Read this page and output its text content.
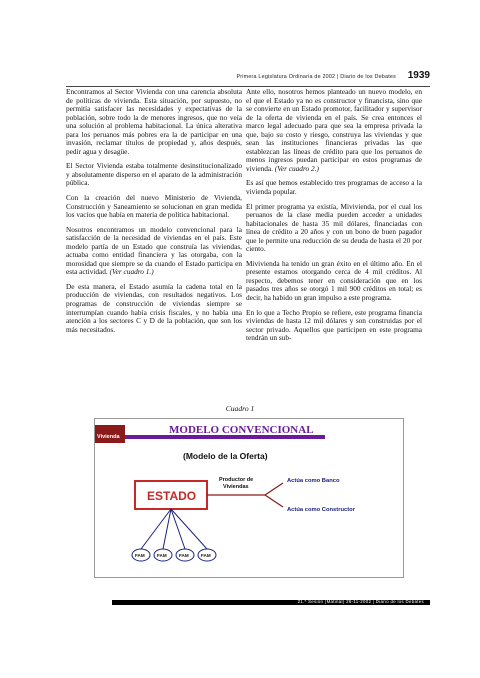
Primera Legislatura Ordinaria de 2002 | Diario de los Debates 1939

Encontramos al Sector Vivienda con una carencia absoluta de políticas de vivienda. Esta situación, por supuesto, no permitía satisfacer las necesidades y expectativas de la población, sobre todo la de menores ingresos, que no veía una solución al problema habitacional. La única alterativa para los peruanos más pobres era la de participar en una invasión, reclamar títulos de propiedad y, años después, pedir agua y desagüe.

El Sector Vivienda estaba totalmente desinstitucionalizado y absolutamente disperso en el aparato de la administración pública.

Con la creación del nuevo Ministerio de Vivienda, Construcción y Saneamiento se solucionan en gran medida los vacíos que había en materia de política habitacional.

Nosotros encontramos un modelo convencional para la satisfacción de la necesidad de viviendas en el país. Este modelo partía de un Estado que construía las viviendas, actuaba como entidad financiera y las otorgaba, con la morosidad que siempre se da cuando el Estado participa en esta actividad. (Ver cuadro 1.)

De esta manera, el Estado asumía la cadena total en la producción de viviendas, con resultados negativos. Los programas de construcción de viviendas siempre se interrumpían cuando había crisis fiscales, y no había una atención a los sectores C y D de la población, que son los más necesitados.

Ante ello, nosotros hemos planteado un nuevo modelo, en el que el Estado ya no es constructor y financista, sino que se convierte en un Estado promotor, facilitador y supervisor de la oferta de vivienda en el país. Se crea entonces el marco legal adecuado para que sea la empresa privada la que, bajo su costo y riesgo, construya las viviendas y que sean las instituciones financieras privadas las que establezcan las líneas de crédito para que los peruanos de menos ingresos puedan participar en estos programas de vivienda. (Ver cuadro 2.)

Es así que hemos establecido tres programas de acceso a la vivienda popular.

El primer programa ya existía, Mivivienda, por el cual los peruanos de la clase media pueden acceder a unidades habitacionales de hasta 35 mil dólares, financiadas con línea de crédito a 20 años y con un bono de buen pagador que le permite una reducción de su deuda de hasta el 20 por ciento.

Mivivienda ha tenido un gran éxito en el último año. En el presente estamos otorgando cerca de 4 mil créditos. Al respecto, debemos tener en consideración que en los pasados tres años se otorgó 1 mil 900 créditos en total; es decir, ha habido un gran impulso a este programa.

En lo que a Techo Propio se refiere, este programa financia viviendas de hasta 12 mil dólares y son construidas por el sector privado. Aquellos que participen en este programa tendrán un sub-

Cuadro 1
Vivienda
MODELO CONVENCIONAL
(Modelo de la Oferta)
ESTADO
Productor de Viviendas
Actúa como Banco
Actúa como Constructor
FAM	FAM	FAM	FAM
21.ª Sesión (Matinal) 28-11-2002 | Diario de los Debates
